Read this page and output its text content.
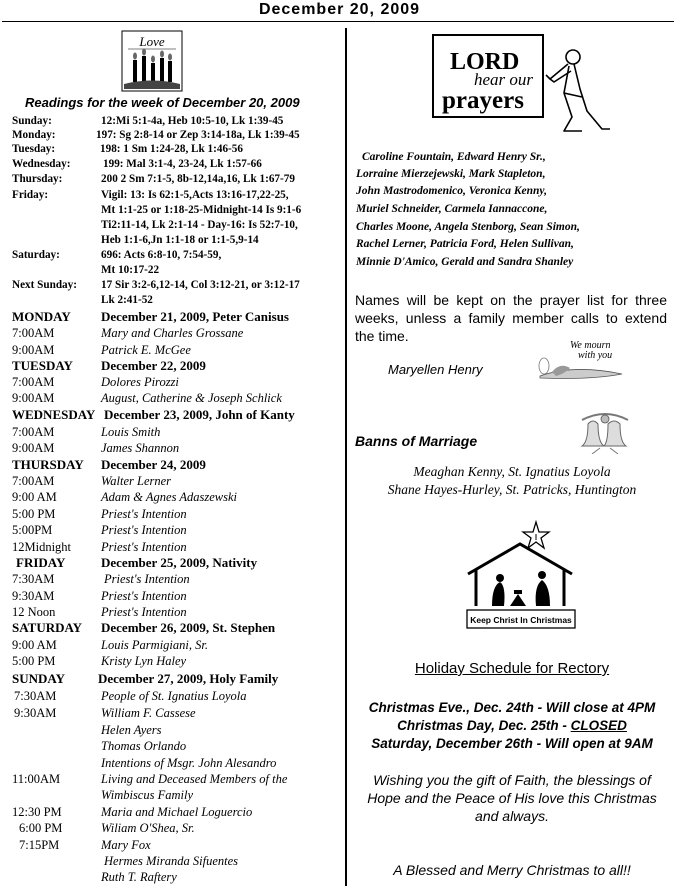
December 20, 2009
Love
Readings for the week of December 20, 2009
Sunday:	12:Mi 5:1-4a, Heb 10:5-10, Lk 1:39-45
Monday:	197: Sg 2:8-14 or Zep 3:14-18a, Lk 1:39-45
Tuesday:	198: 1 Sm 1:24-28, Lk 1:46-56
Wednesday:	199: Mal 3:1-4, 23-24, Lk 1:57-66
Thursday:	200 2 Sm 7:1-5, 8b-12,14a,16, Lk 1:67-79
Friday:	Vigil: 13: Is 62:1-5,Acts 13:16-17,22-25,
Mt 1:1-25 or 1:18-25-Midnight-14 Is 9:1-6
Ti2:11-14, Lk 2:1-14 - Day-16: Is 52:7-10,
Heb 1:1-6,Jn 1:1-18 or 1:1-5,9-14
Saturday:	696: Acts 6:8-10, 7:54-59,
Mt 10:17-22
Next Sunday: 17 Sir 3:2-6,12-14, Col 3:12-21, or 3:12-17
Lk 2:41-52
MONDAY December 21, 2009, Peter Canisus
7:00AM	Mary and Charles Grossane
9:00AM	Patrick E. McGee
TUESDAY December 22, 2009
7:00AM	Dolores Pirozzi
9:00AM	August, Catherine & Joseph Schlick
WEDNESDAY December 23, 2009, John of Kanty
7:00AM	Louis Smith
9:00AM	James Shannon
THURSDAY December 24, 2009
7:00AM	Walter Lerner
9:00 AM	Adam & Agnes Adaszewski
5:00 PM	Priest's Intention
5:00PM	Priest's Intention
12Midnight Priest's Intention
FRIDAY	December 25, 2009, Nativity
7:30AM	Priest's Intention
9:30AM	Priest's Intention
12 Noon	Priest's Intention
SATURDAY December 26, 2009, St. Stephen
9:00 AM	Louis Parmigiani, Sr.
5:00 PM	Kristy Lyn Haley
SUNDAY	December 27, 2009, Holy Family
7:30AM	People of St. Ignatius Loyola
9:30AM	William F. Cassese
Helen Ayers
Thomas Orlando
Intentions of Msgr. John Alesandro
11:00AM	Living and Deceased Members of the
Wimbiscus Family
12:30 PM	Maria and Michael Loguercio
6:00 PM	Wiliam O'Shea, Sr.
7:15PM	Mary Fox
Hermes Miranda Sifuentes
Ruth T. Raftery
LORD
hear our
prayers
Caroline Fountain, Edward Henry Sr.,
Lorraine Mierzejewski, Mark Stapleton,
John Mastrodomenico, Veronica Kenny,
Muriel Schneider, Carmela Iannaccone,
Charles Moone, Angela Stenborg, Sean Simon,
Rachel Lerner, Patricia Ford, Helen Sullivan,
Minnie D'Amico, Gerald and Sandra Shanley
Names will be kept on the prayer list for three
weeks, unless a family member calls to extend
the time.
Maryellen Henry
We mourn
with you
Banns of Marriage
Meaghan Kenny, St. Ignatius Loyola
Shane Hayes-Hurley, St. Patricks, Huntington
Keep Christ In Christmas
Holiday Schedule for Rectory
Christmas Eve., Dec. 24th - Will close at 4PM
Christmas Day, Dec. 25th - CLOSED
Saturday, December 26th - Will open at 9AM
Wishing you the gift of Faith, the blessings of
Hope and the Peace of His love this Christmas
and always.
A Blessed and Merry Christmas to all!!
